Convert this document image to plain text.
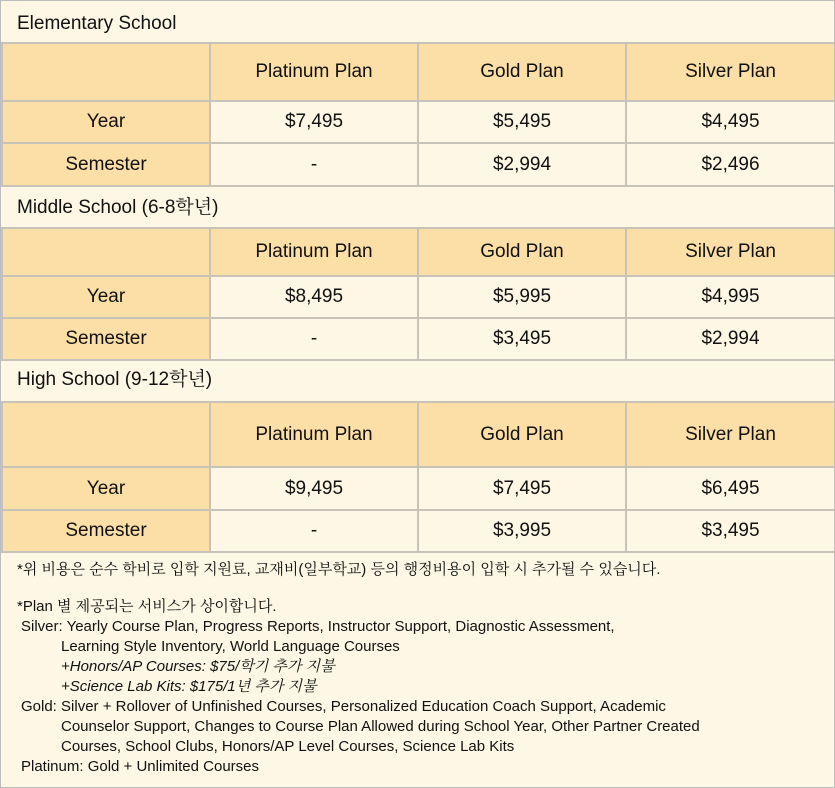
Elementary School
	Platinum Plan	Gold Plan	Silver Plan
Year	$7,495	$5,495	$4,495
Semester	-	$2,994	$2,496
Middle School (6-8학년)
	Platinum Plan	Gold Plan	Silver Plan
Year	$8,495	$5,995	$4,995
Semester	-	$3,495	$2,994
High School (9-12학년)
	Platinum Plan	Gold Plan	Silver Plan
Year	$9,495	$7,495	$6,495
Semester	-	$3,995	$3,495
*위 비용은 순수 학비로 입학 지원료, 교재비(일부학교) 등의 행정비용이 입학 시 추가될 수 있습니다.
*Plan 별 제공되는 서비스가 상이합니다.
Silver: Yearly Course Plan, Progress Reports, Instructor Support, Diagnostic Assessment,
Learning Style Inventory, World Language Courses
+Honors/AP Courses: $75/학기 추가 지불
+Science Lab Kits: $175/1년 추가 지불
Gold: Silver + Rollover of Unfinished Courses, Personalized Education Coach Support, Academic
Counselor Support, Changes to Course Plan Allowed during School Year, Other Partner Created
Courses, School Clubs, Honors/AP Level Courses, Science Lab Kits
Platinum: Gold + Unlimited Courses
